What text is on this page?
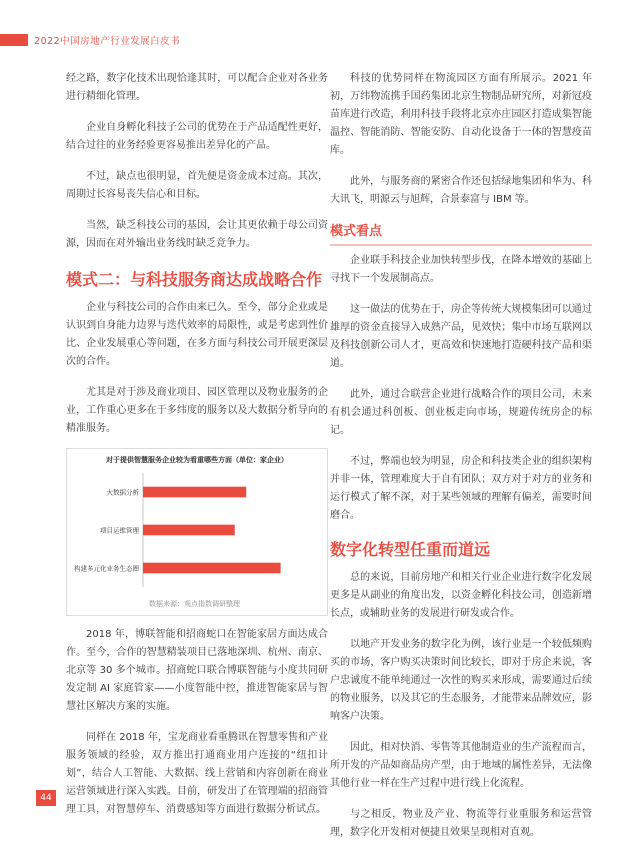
2022中国房地产行业发展白皮书

经之路，数字化技术出现恰逢其时，可以配合企业对各业务进行精细化管理。

企业自身孵化科技子公司的优势在于产品适配性更好，结合过往的业务经验更容易推出差异化的产品。

不过，缺点也很明显，首先便是资金成本过高。其次，周期过长容易丧失信心和目标。

当然，缺乏科技公司的基因，会让其更依赖于母公司资源，因而在对外输出业务线时缺乏竞争力。

模式二：与科技服务商达成战略合作

企业与科技公司的合作由来已久。至今，部分企业或是认识到自身能力边界与迭代效率的局限性，或是考虑到性价比、企业发展重心等问题，在多方面与科技公司开展更深层次的合作。

尤其是对于涉及商业项目、园区管理以及物业服务的企业，工作重心更多在于多纬度的服务以及大数据分析导向的精准服务。

对于提供智慧服务企业较为看重哪些方面（单位：家企业）

大数据分析
项目运维管理
构建多元化业务生态圈

数据来源：观点指数调研整理

2018 年，博联智能和招商蛇口在智能家居方面达成合作。至今，合作的智慧精装项目已落地深圳、杭州、南京、北京等 30 多个城市。招商蛇口联合博联智能与小度共同研发定制 AI 家庭管家——小度智能中控，推进智能家居与智慧社区解决方案的实施。

同样在 2018 年，宝龙商业看重腾讯在智慧零售和产业服务领域的经验，双方推出打通商业用户连接的“纽扣计划”，结合人工智能、大数据、线上营销和内容创新在商业运营领域进行深入实践。目前，研发出了在管理端的招商管理工具，对智慧停车、消费感知等方面进行数据分析试点。

科技的优势同样在物流园区方面有所展示。2021 年初，万纬物流携手国药集团北京生物制品研究所，对新冠疫苗库进行改造，利用科技手段将北京亦庄园区打造成集智能温控、智能消防、智能安防、自动化设备于一体的智慧疫苗库。

此外，与服务商的紧密合作还包括绿地集团和华为、科大讯飞，明源云与旭辉，合景泰富与 IBM 等。

模式看点

企业联手科技企业加快转型步伐，在降本增效的基础上寻找下一个发展制高点。

这一做法的优势在于，房企等传统大规模集团可以通过雄厚的资金直接导入成熟产品，见效快；集中市场互联网以及科技创新公司人才，更高效和快速地打造硬科技产品和渠道。

此外，通过合联营企业进行战略合作的项目公司，未来有机会通过科创板、创业板走向市场，规避传统房企的标记。

不过，弊端也较为明显，房企和科技类企业的组织架构并非一体，管理难度大于自有团队；双方对于对方的业务和运行模式了解不深，对于某些领域的理解有偏差，需要时间磨合。

数字化转型任重而道远

总的来说，目前房地产和相关行业企业进行数字化发展更多是从副业的角度出发，以资金孵化科技公司，创造新增长点，或辅助业务的发展进行研发或合作。

以地产开发业务的数字化为例，该行业是一个较低频购买的市场，客户购买决策时间比较长，即对于房企来说，客户忠诚度不能单纯通过一次性的购买来形成，需要通过后续的物业服务，以及其它的生态服务，才能带来品牌效应，影响客户决策。

因此，相对快消、零售等其他制造业的生产流程而言，所开发的产品如商品房产型，由于地域的属性差异，无法像其他行业一样在生产过程中进行线上化流程。

与之相反，物业及产业、物流等行业重服务和运营管理，数字化开发相对便捷且效果呈现相对直观。

44
